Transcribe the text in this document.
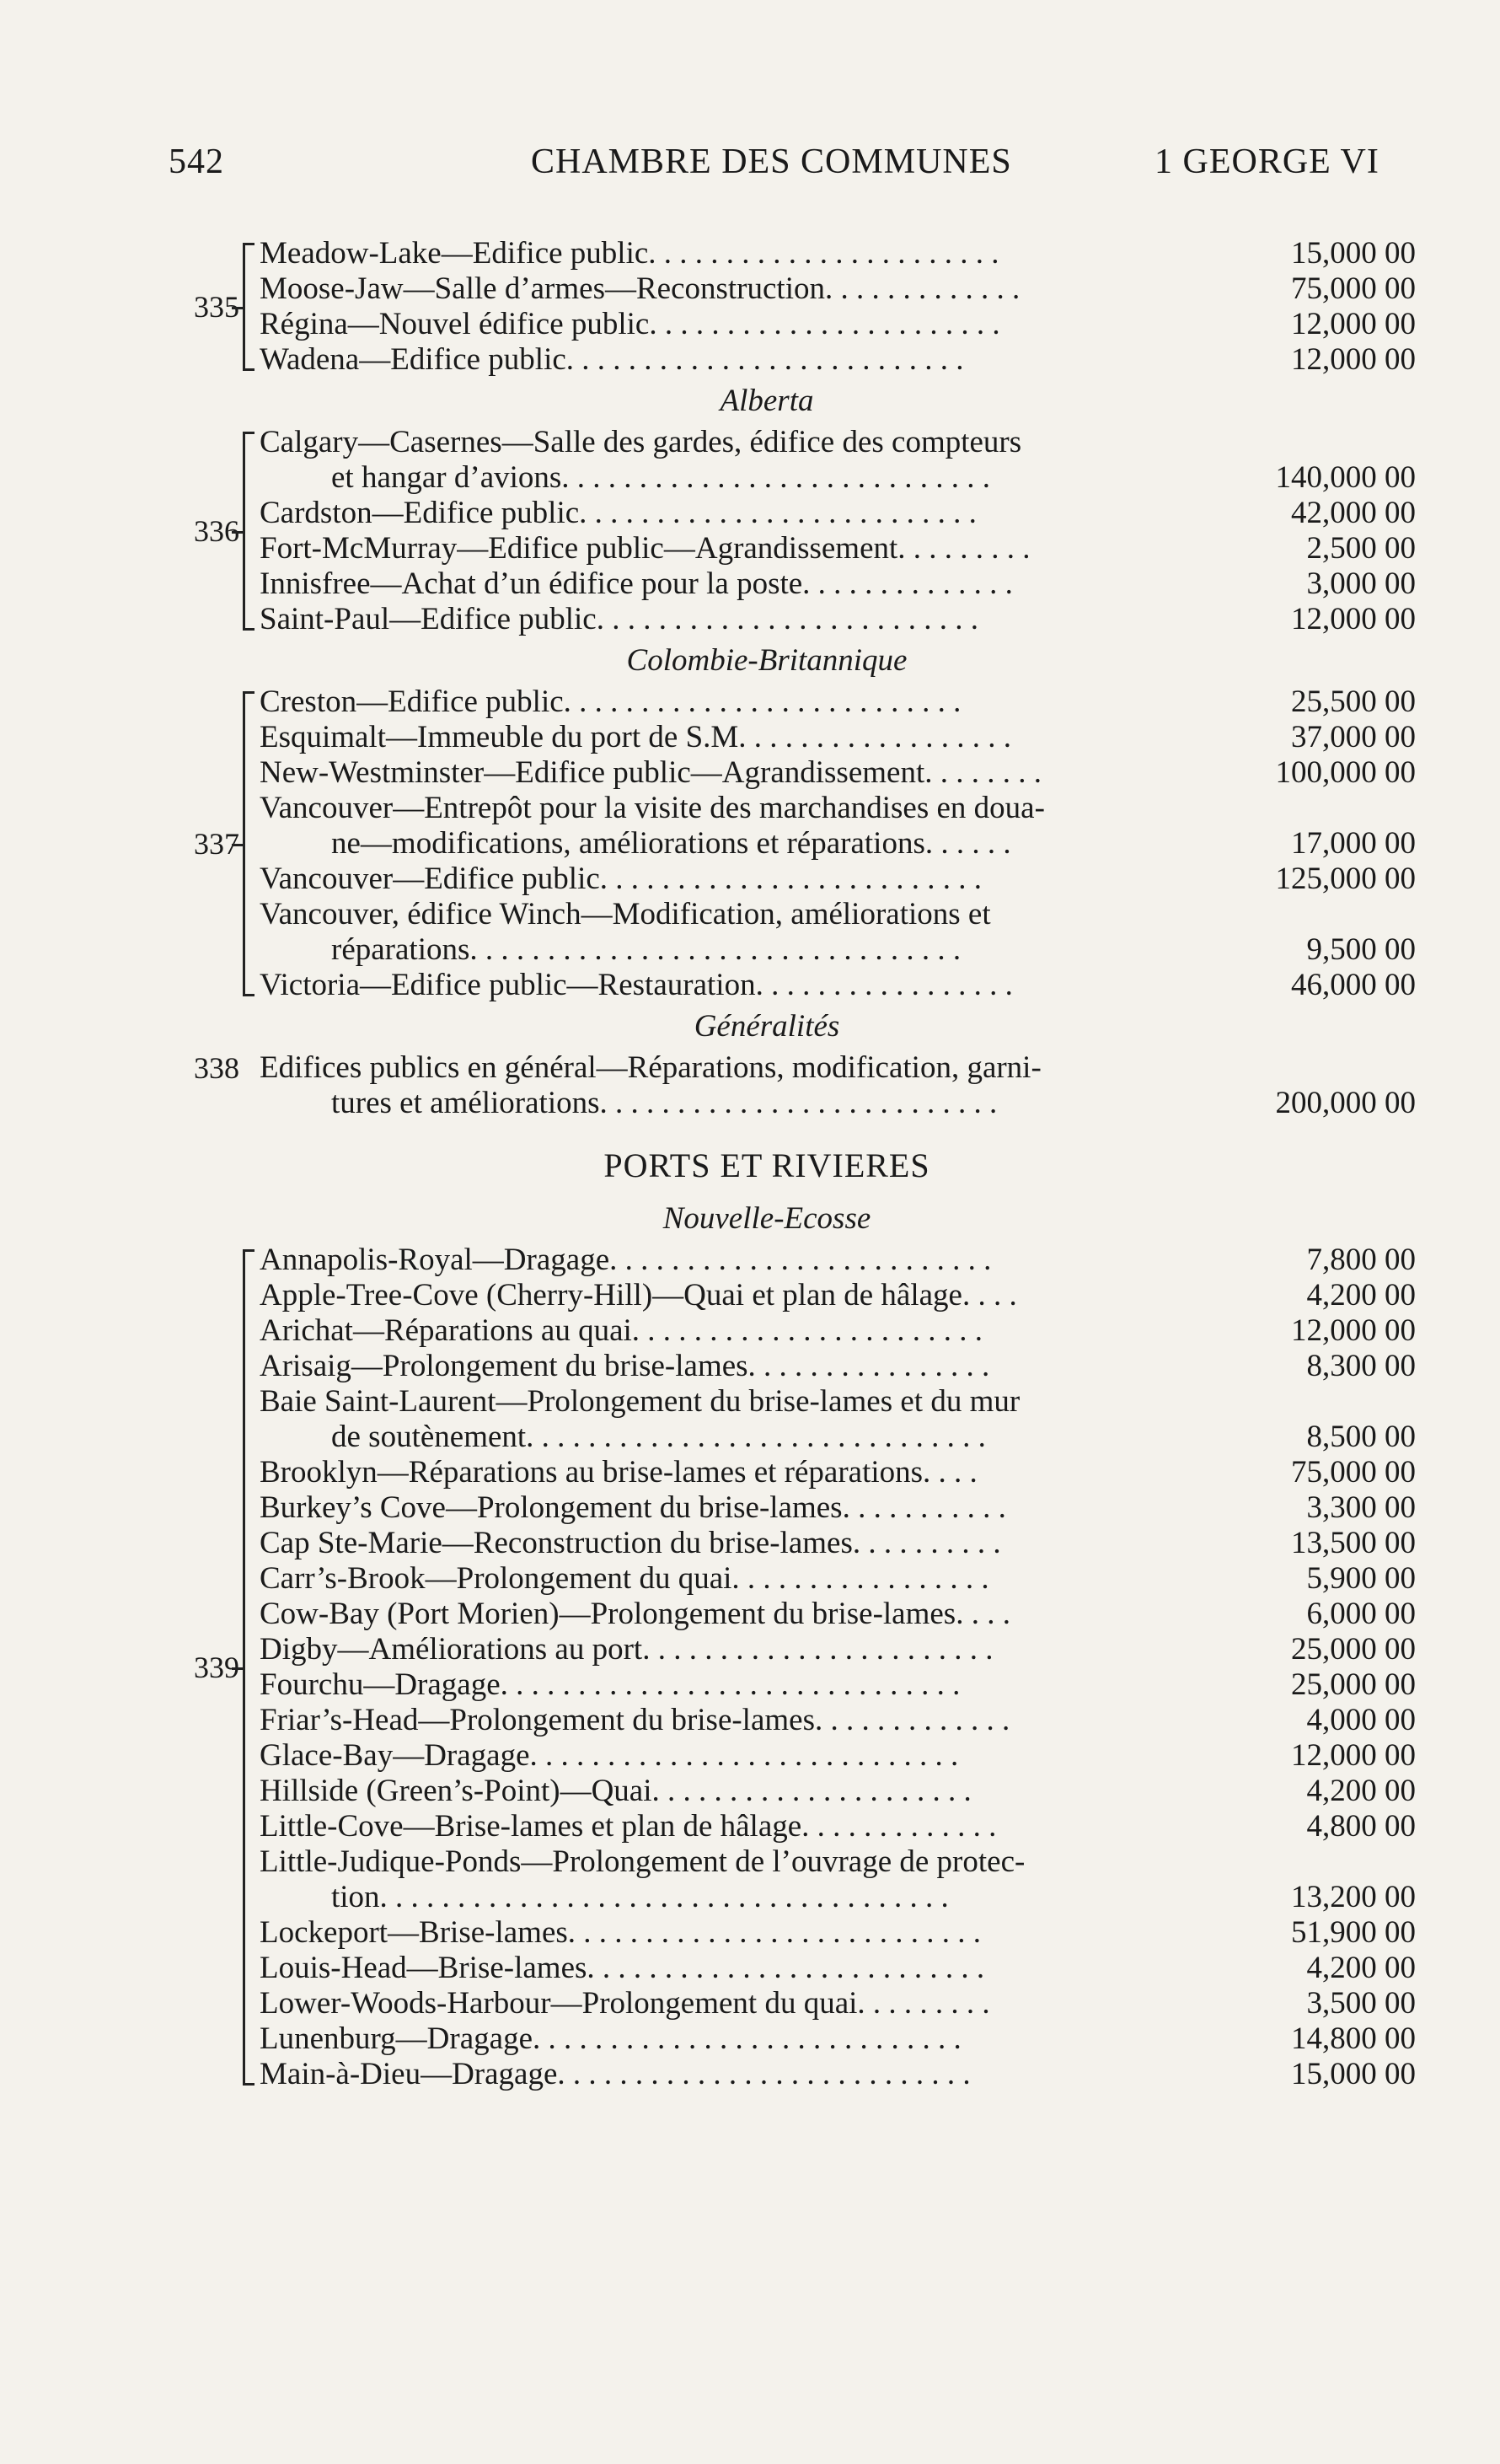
542	CHAMBRE DES COMMUNES	1 GEORGE VI
Meadow-Lake—Edifice public. . . . . . . . . . . . . . . . . . . . . . .	15,000 00
Moose-Jaw—Salle d’armes—Reconstruction. . . . . . . . . . . . .	75,000 00
Régina—Nouvel édifice public. . . . . . . . . . . . . . . . . . . . . . .	12,000 00
Wadena—Edifice public. . . . . . . . . . . . . . . . . . . . . . . . . .	12,000 00
335
Alberta
Calgary—Casernes—Salle des gardes, édifice des compteurs
et hangar d’avions. . . . . . . . . . . . . . . . . . . . . . . . . . . .	140,000 00
Cardston—Edifice public. . . . . . . . . . . . . . . . . . . . . . . . . .	42,000 00
Fort-McMurray—Edifice public—Agrandissement. . . . . . . . .	2,500 00
Innisfree—Achat d’un édifice pour la poste. . . . . . . . . . . . . .	3,000 00
Saint-Paul—Edifice public. . . . . . . . . . . . . . . . . . . . . . . . .	12,000 00
336
Colombie-Britannique
Creston—Edifice public. . . . . . . . . . . . . . . . . . . . . . . . . .	25,500 00
Esquimalt—Immeuble du port de S.M. . . . . . . . . . . . . . . . . .	37,000 00
New-Westminster—Edifice public—Agrandissement. . . . . . . .	100,000 00
Vancouver—Entrepôt pour la visite des marchandises en doua-
ne—modifications, améliorations et réparations. . . . . .	17,000 00
Vancouver—Edifice public. . . . . . . . . . . . . . . . . . . . . . . . .	125,000 00
Vancouver, édifice Winch—Modification, améliorations et
réparations. . . . . . . . . . . . . . . . . . . . . . . . . . . . . . . .	9,500 00
Victoria—Edifice public—Restauration. . . . . . . . . . . . . . . . .	46,000 00
337
Généralités
Edifices publics en général—Réparations, modification, garni-
tures et améliorations. . . . . . . . . . . . . . . . . . . . . . . . . .	200,000 00
338
PORTS ET RIVIERES
Nouvelle-Ecosse
Annapolis-Royal—Dragage. . . . . . . . . . . . . . . . . . . . . . . . .	7,800 00
Apple-Tree-Cove (Cherry-Hill)—Quai et plan de hâlage. . . .	4,200 00
Arichat—Réparations au quai. . . . . . . . . . . . . . . . . . . . . . .	12,000 00
Arisaig—Prolongement du brise-lames. . . . . . . . . . . . . . . .	8,300 00
Baie Saint-Laurent—Prolongement du brise-lames et du mur
de soutènement. . . . . . . . . . . . . . . . . . . . . . . . . . . . . .	8,500 00
Brooklyn—Réparations au brise-lames et réparations. . . .	75,000 00
Burkey’s Cove—Prolongement du brise-lames. . . . . . . . . . .	3,300 00
Cap Ste-Marie—Reconstruction du brise-lames. . . . . . . . . .	13,500 00
Carr’s-Brook—Prolongement du quai. . . . . . . . . . . . . . . . .	5,900 00
Cow-Bay (Port Morien)—Prolongement du brise-lames. . . .	6,000 00
Digby—Améliorations au port. . . . . . . . . . . . . . . . . . . . . . .	25,000 00
Fourchu—Dragage. . . . . . . . . . . . . . . . . . . . . . . . . . . . . .	25,000 00
Friar’s-Head—Prolongement du brise-lames. . . . . . . . . . . . .	4,000 00
Glace-Bay—Dragage. . . . . . . . . . . . . . . . . . . . . . . . . . . .	12,000 00
Hillside (Green’s-Point)—Quai. . . . . . . . . . . . . . . . . . . . .	4,200 00
Little-Cove—Brise-lames et plan de hâlage. . . . . . . . . . . . .	4,800 00
Little-Judique-Ponds—Prolongement de l’ouvrage de protec-
tion. . . . . . . . . . . . . . . . . . . . . . . . . . . . . . . . . . . . .	13,200 00
Lockeport—Brise-lames. . . . . . . . . . . . . . . . . . . . . . . . . . .	51,900 00
Louis-Head—Brise-lames. . . . . . . . . . . . . . . . . . . . . . . . . .	4,200 00
Lower-Woods-Harbour—Prolongement du quai. . . . . . . . .	3,500 00
Lunenburg—Dragage. . . . . . . . . . . . . . . . . . . . . . . . . . . .	14,800 00
Main-à-Dieu—Dragage. . . . . . . . . . . . . . . . . . . . . . . . . . .	15,000 00
339
